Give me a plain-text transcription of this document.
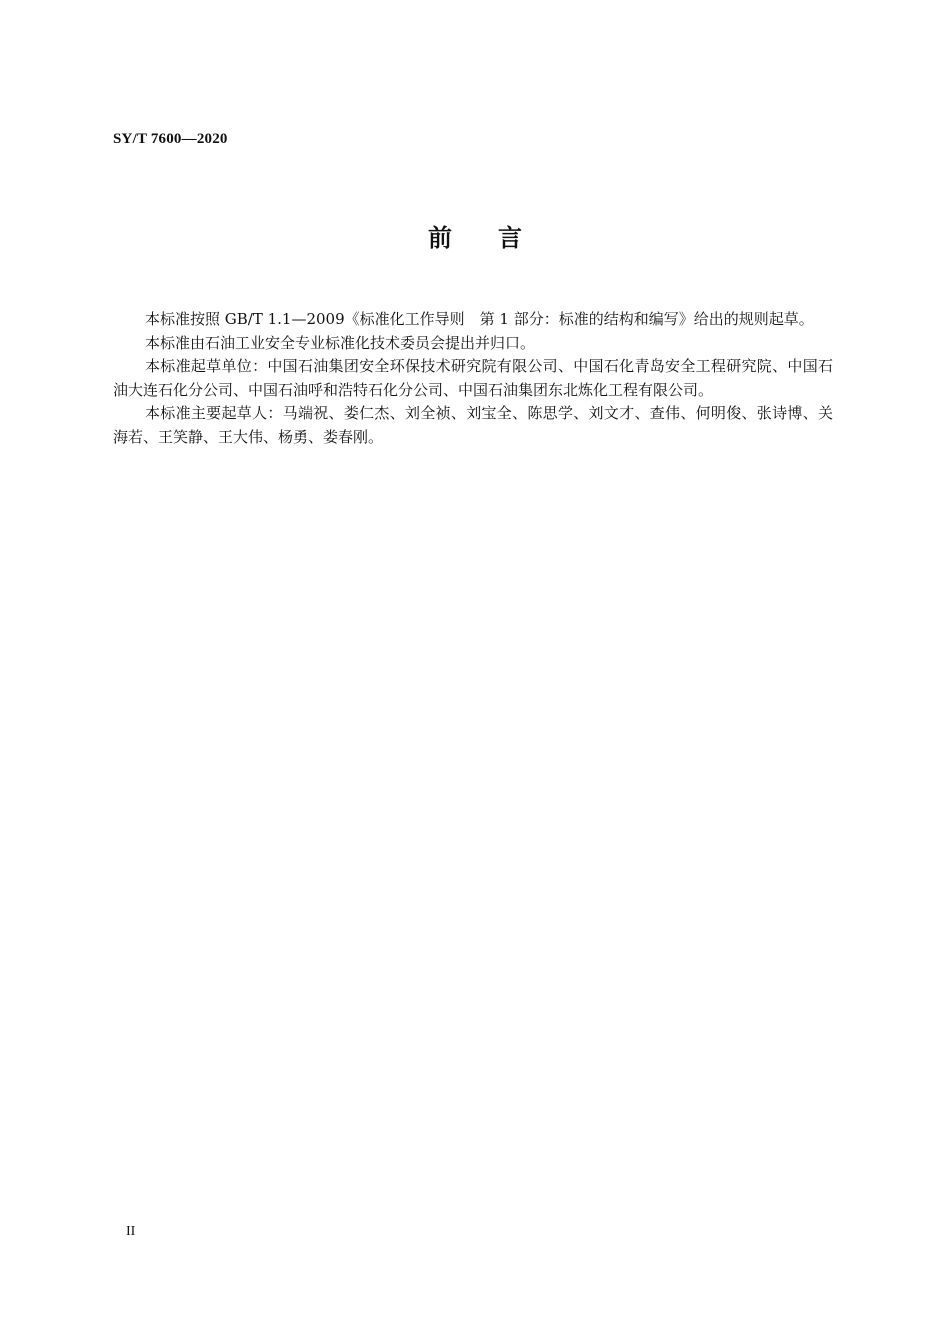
SY/T 7600—2020

前言

本标准按照 GB/T 1.1—2009《标准化工作导则　第 1 部分：标准的结构和编写》给出的规则起草。

本标准由石油工业安全专业标准化技术委员会提出并归口。

本标准起草单位：中国石油集团安全环保技术研究院有限公司、中国石化青岛安全工程研究院、中国石油大连石化分公司、中国石油呼和浩特石化分公司、中国石油集团东北炼化工程有限公司。

本标准主要起草人：马端祝、娄仁杰、刘全祯、刘宝全、陈思学、刘文才、查伟、何明俊、张诗博、关海若、王笑静、王大伟、杨勇、娄春刚。

II
